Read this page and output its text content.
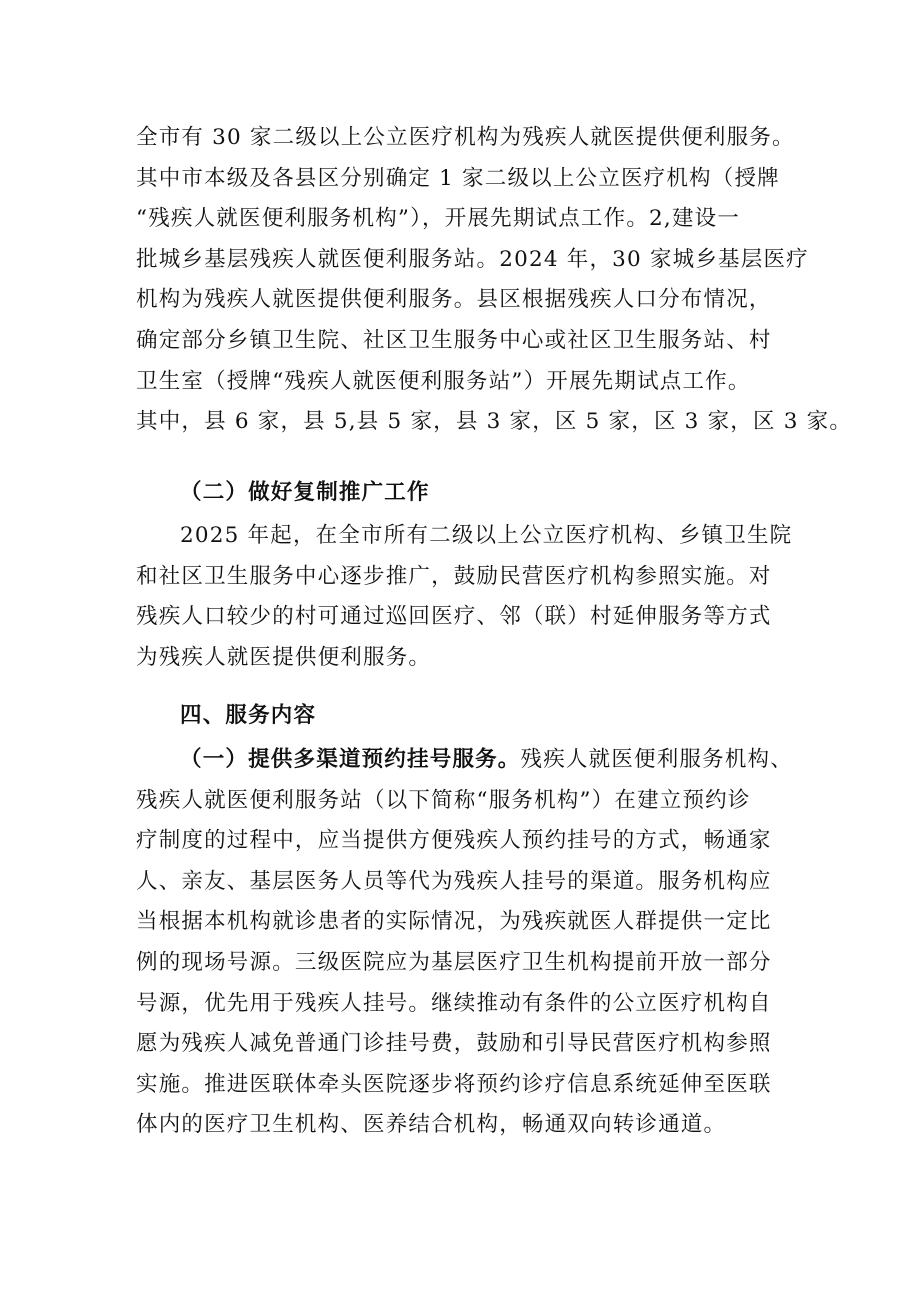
全市有 30 家二级以上公立医疗机构为残疾人就医提供便利服务。
其中市本级及各县区分别确定 1 家二级以上公立医疗机构（授牌
“残疾人就医便利服务机构”），开展先期试点工作。2,建设一
批城乡基层残疾人就医便利服务站。2024 年，30 家城乡基层医疗
机构为残疾人就医提供便利服务。县区根据残疾人口分布情况，
确定部分乡镇卫生院、社区卫生服务中心或社区卫生服务站、村
卫生室（授牌“残疾人就医便利服务站”）开展先期试点工作。
其中，县 6 家，县 5,县 5 家，县 3 家，区 5 家，区 3 家，区 3 家。
（二）做好复制推广工作
2025 年起，在全市所有二级以上公立医疗机构、乡镇卫生院
和社区卫生服务中心逐步推广，鼓励民营医疗机构参照实施。对
残疾人口较少的村可通过巡回医疗、邻（联）村延伸服务等方式
为残疾人就医提供便利服务。
四、服务内容
（一）提供多渠道预约挂号服务。残疾人就医便利服务机构、
残疾人就医便利服务站（以下简称“服务机构”）在建立预约诊
疗制度的过程中，应当提供方便残疾人预约挂号的方式，畅通家
人、亲友、基层医务人员等代为残疾人挂号的渠道。服务机构应
当根据本机构就诊患者的实际情况，为残疾就医人群提供一定比
例的现场号源。三级医院应为基层医疗卫生机构提前开放一部分
号源，优先用于残疾人挂号。继续推动有条件的公立医疗机构自
愿为残疾人减免普通门诊挂号费，鼓励和引导民营医疗机构参照
实施。推进医联体牵头医院逐步将预约诊疗信息系统延伸至医联
体内的医疗卫生机构、医养结合机构，畅通双向转诊通道。
